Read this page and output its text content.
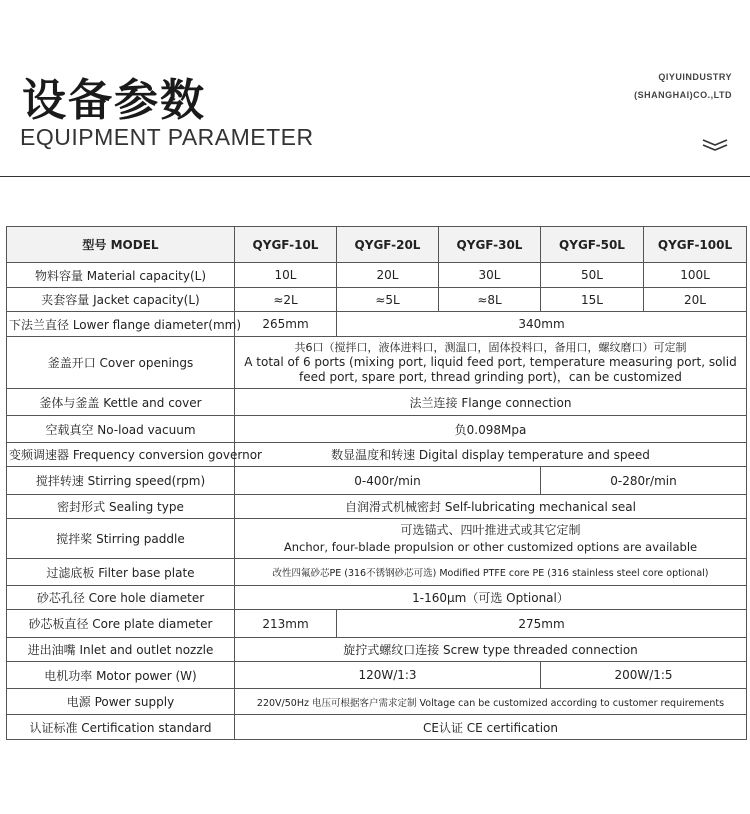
设备参数
EQUIPMENT PARAMETER
QIYUINDUSTRY
(SHANGHAI)CO.,LTD
型号 MODEL	QYGF-10L	QYGF-20L	QYGF-30L	QYGF-50L	QYGF-100L
物料容量 Material capacity(L)	10L	20L	30L	50L	100L
夹套容量 Jacket capacity(L)	≈2L	≈5L	≈8L	15L	20L
下法兰直径 Lower flange diameter(mm)	265mm	340mm			
釜盖开口 Cover openings	共6口（搅拌口，液体进料口，测温口，固体投料口，备用口，螺纹磨口）可定制
A total of 6 ports (mixing port, liquid feed port, temperature measuring port, solid feed port, spare port, thread grinding port)，can be customized				

釜体与釜盖 Kettle and cover	法兰连接 Flange connection				
空载真空 No-load vacuum	负0.098Mpa				
变频调速器 Frequency conversion governor	数显温度和转速 Digital display temperature and speed				
搅拌转速 Stirring speed(rpm)	0-400r/min			0-280r/min	
密封形式 Sealing type	自润滑式机械密封 Self-lubricating mechanical seal				
搅拌桨 Stirring paddle	可选锚式、四叶推进式或其它定制
Anchor, four-blade propulsion or other customized options are available				

过滤底板 Filter base plate	改性四氟砂芯PE (316不锈钢砂芯可选) Modified PTFE core PE (316 stainless steel core optional)				
砂芯孔径 Core hole diameter	1-160μm（可选 Optional）				
砂芯板直径 Core plate diameter	213mm	275mm			
进出油嘴 Inlet and outlet nozzle	旋拧式螺纹口连接 Screw type threaded connection				
电机功率 Motor power (W)	120W/1:3			200W/1:5	
电源 Power supply	220V/50Hz 电压可根据客户需求定制 Voltage can be customized according to customer requirements				
认证标准 Certification standard	CE认证 CE certification				
